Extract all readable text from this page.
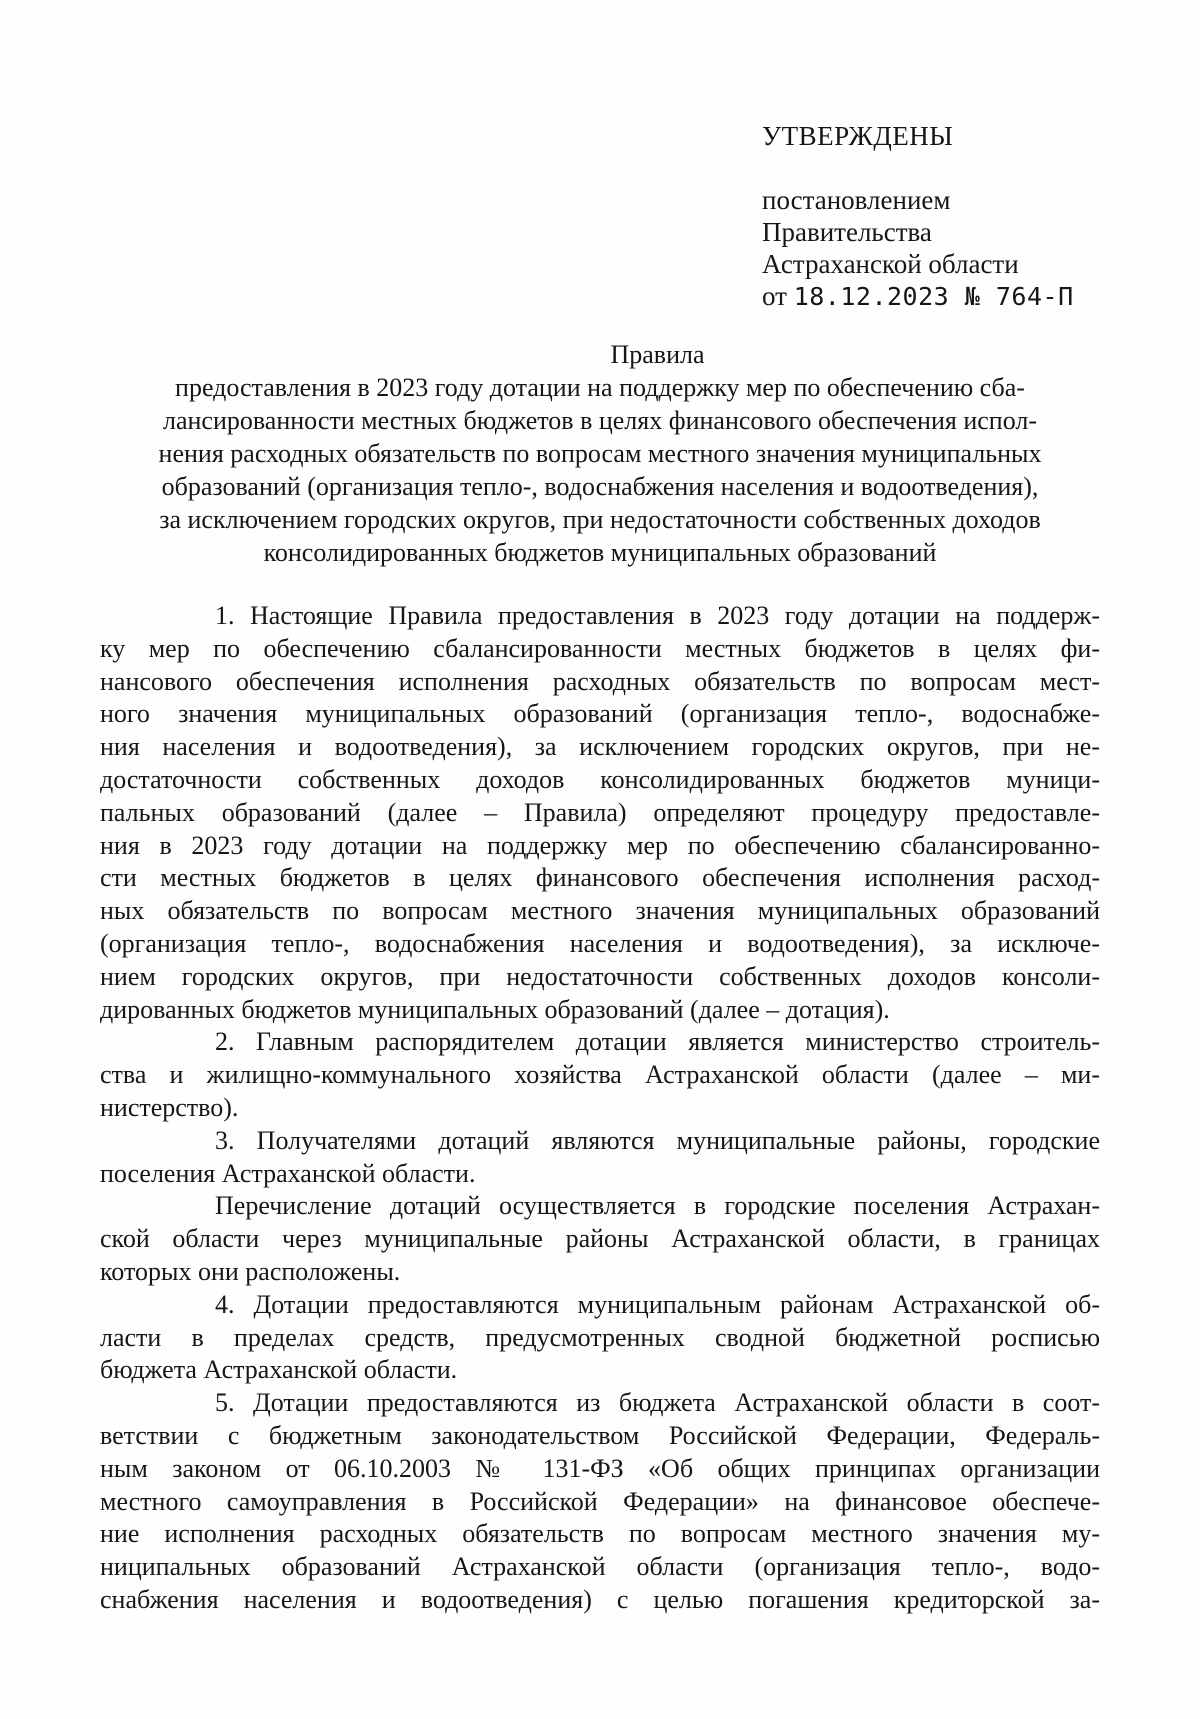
УТВЕРЖДЕНЫ
постановлением
Правительства
Астраханской области
от 18.12.2023 № 764-П
Правила
предоставления в 2023 году дотации на поддержку мер по обеспечению сба-
лансированности местных бюджетов в целях финансового обеспечения испол-
нения расходных обязательств по вопросам местного значения муниципальных
образований (организация тепло-, водоснабжения населения и водоотведения),
за исключением городских округов, при недостаточности собственных доходов
консолидированных бюджетов муниципальных образований
1. Настоящие Правила предоставления в 2023 году дотации на поддерж-
ку мер по обеспечению сбалансированности местных бюджетов в целях фи-
нансового обеспечения исполнения расходных обязательств по вопросам мест-
ного значения муниципальных образований (организация тепло-, водоснабже-
ния населения и водоотведения), за исключением городских округов, при не-
достаточности собственных доходов консолидированных бюджетов муници-
пальных образований (далее – Правила) определяют процедуру предоставле-
ния в 2023 году дотации на поддержку мер по обеспечению сбалансированно-
сти местных бюджетов в целях финансового обеспечения исполнения расход-
ных обязательств по вопросам местного значения муниципальных образований
(организация тепло-, водоснабжения населения и водоотведения), за исключе-
нием городских округов, при недостаточности собственных доходов консоли-
дированных бюджетов муниципальных образований (далее – дотация).
2. Главным распорядителем дотации является министерство строитель-
ства и жилищно-коммунального хозяйства Астраханской области (далее – ми-
нистерство).
3. Получателями дотаций являются муниципальные районы, городские
поселения Астраханской области.
Перечисление дотаций осуществляется в городские поселения Астрахан-
ской области через муниципальные районы Астраханской области, в границах
которых они расположены.
4. Дотации предоставляются муниципальным районам Астраханской об-
ласти в пределах средств, предусмотренных сводной бюджетной росписью
бюджета Астраханской области.
5. Дотации предоставляются из бюджета Астраханской области в соот-
ветствии с бюджетным законодательством Российской Федерации, Федераль-
ным законом от 06.10.2003 № 131-ФЗ «Об общих принципах организации
местного самоуправления в Российской Федерации» на финансовое обеспече-
ние исполнения расходных обязательств по вопросам местного значения му-
ниципальных образований Астраханской области (организация тепло-, водо-
снабжения населения и водоотведения) с целью погашения кредиторской за-
